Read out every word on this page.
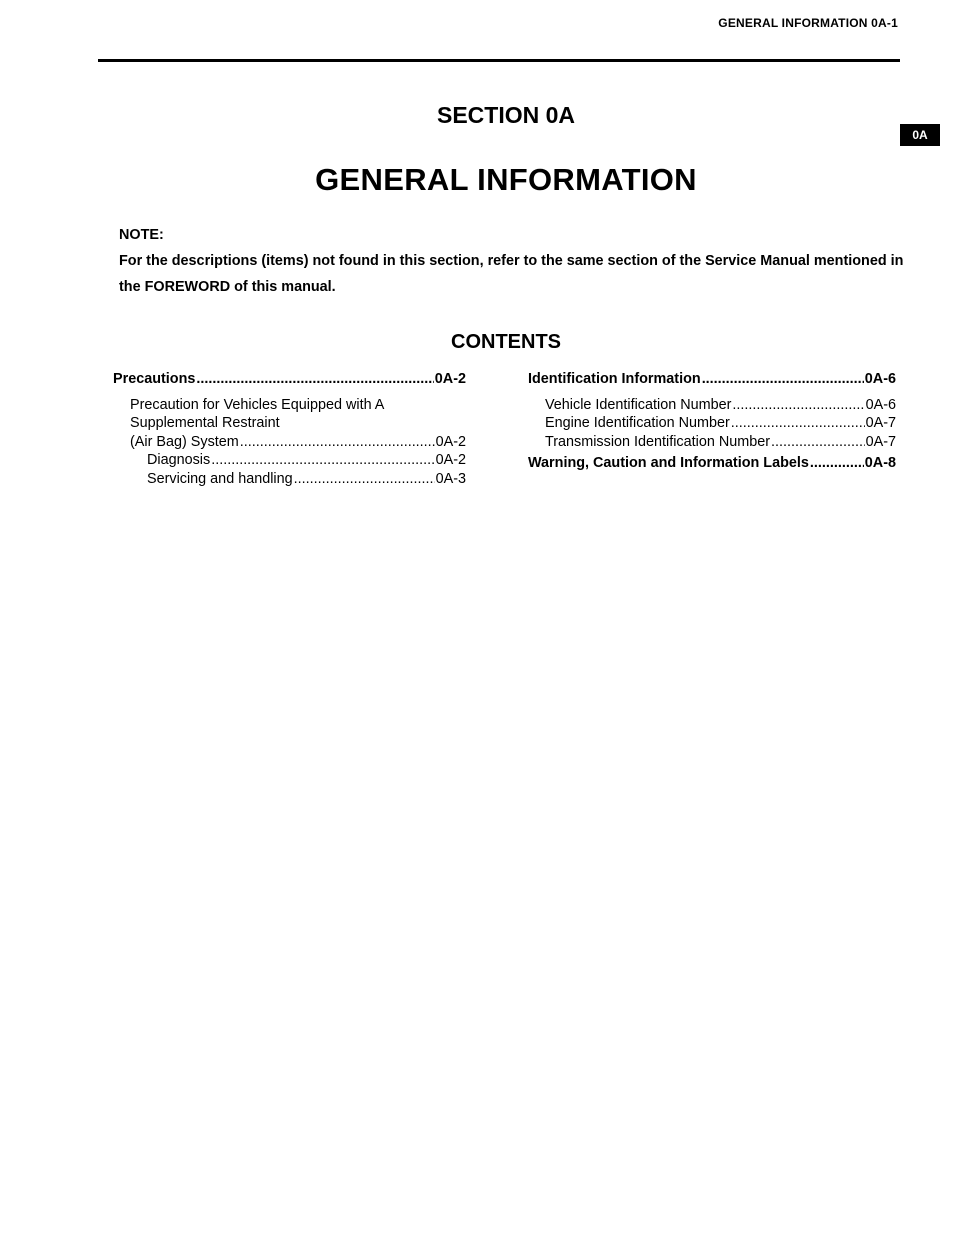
GENERAL INFORMATION 0A-1
0A
SECTION 0A
GENERAL INFORMATION

NOTE:

For the descriptions (items) not found in this section, refer to the same section of the Service Manual mentioned in the FOREWORD of this manual.

CONTENTS
Precautions .....	0A-2
Precaution for Vehicles Equipped with A
Supplemental Restraint
(Air Bag) System .....	0A-2
Diagnosis .....	0A-2
Servicing and handling .....	0A-3
Identification Information .....	0A-6
Vehicle Identification Number .....	0A-6
Engine Identification Number .....	0A-7
Transmission Identification Number .....	0A-7
Warning, Caution and Information Labels .....	0A-8
